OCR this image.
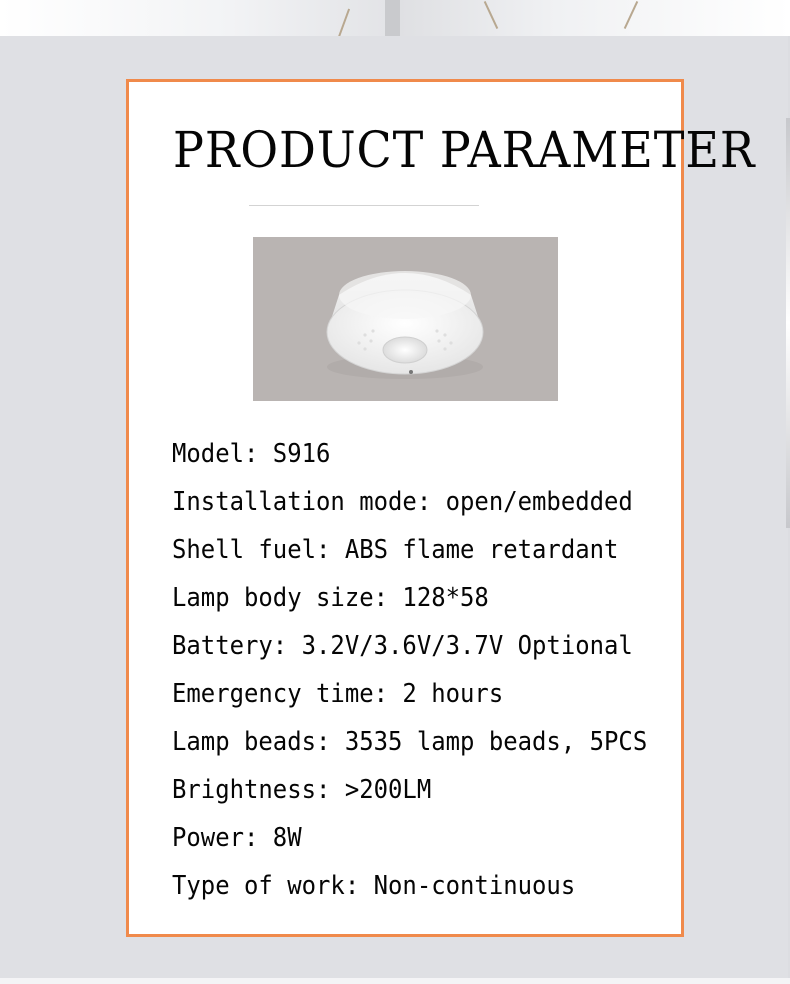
PRODUCT PARAMETER
Model: S916
Installation mode: open/embedded
Shell fuel: ABS flame retardant
Lamp body size: 128*58
Battery: 3.2V/3.6V/3.7V Optional
Emergency time: 2 hours
Lamp beads: 3535 lamp beads, 5PCS
Brightness: >200LM
Power: 8W
Type of work: Non-continuous
